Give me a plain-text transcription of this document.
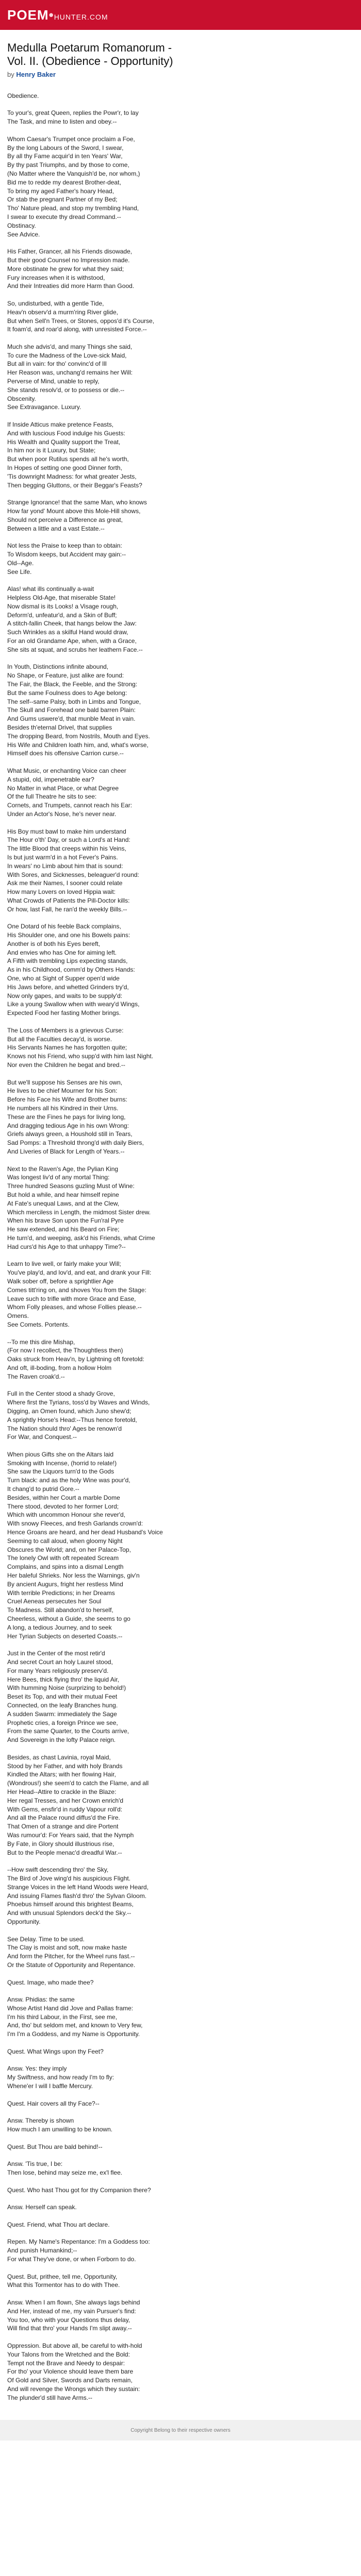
POEM•HUNTER.COM
Medulla Poetarum Romanorum - Vol. II. (Obedience - Opportunity)
by Henry Baker
Obedience.
To your's, great Queen, replies the Powr'r, to lay
The Task, and mine to listen and obey.--
Whom Caesar's Trumpet once proclaim a Foe,
By the long Labours of the Sword, I swear,
By all thy Fame acquir'd in ten Years' War,
By thy past Triumphs, and by those to come,
(No Matter where the Vanquish'd be, nor whom,)
Bid me to redde my dearest Brother-deat,
To bring my aged Father's hoary Head,
Or stab the pregnant Partner of my Bed;
Tho' Nature plead, and stop my trembling Hand,
I swear to execute thy dread Command.--
Obstinacy.
See Advice.
His Father, Grancer, all his Friends disowade,
But their good Counsel no Impression made.
More obstinate he grew for what they said;
Fury increases when it is withstood,
And their Intreaties did more Harm than Good.
So, undisturbed, with a gentle Tide,
Heav'n observ'd a murm'ring River glide,
But when Sell'n Trees, or Stones, oppos'd it's Course,
It foam'd, and roar'd along, with unresisted Force.--
Much she advis'd, and many Things she said,
To cure the Madness of the Love-sick Maid,
But all in vain: for tho' convinc'd of Ill
Her Reason was, unchang'd remains her Will:
Perverse of Mind, unable to reply,
She stands resolv'd, or to possess or die.--
Obscenity.
See Extravagance. Luxury.
If Inside Atticus make pretence Feasts,
And with luscious Food indulge his Guests:
His Wealth and Quality support the Treat,
In him nor is it Luxury, but State;
But when poor Rutilus spends all he's worth,
In Hopes of setting one good Dinner forth,
'Tis downright Madness: for what greater Jests,
Then begging Gluttons, or their Beggar's Feasts?
Strange Ignorance! that the same Man, who knows
How far yond' Mount above this Mole-Hill shows,
Should not perceive a Difference as great,
Between a little and a vast Estate.--
Not less the Praise to keep than to obtain:
To Wisdom keeps, but Accident may gain:--
Old--Age.
See Life.
Alas! what ills continually a-wait
Helpless Old-Age, that miserable State!
Now dismal is its Looks! a Visage rough,
Deform'd, unfeatur'd, and a Skin of Buff;
A stitch-fallin Cheek, that hangs below the Jaw:
Such Wrinkles as a skilful Hand would draw,
For an old Grandame Ape, when, with a Grace,
She sits at squat, and scrubs her leathern Face.--
In Youth, Distinctions infinite abound,
No Shape, or Feature, just alike are found:
The Fair, the Black, the Feeble, and the Strong:
But the same Foulness does to Age belong:
The self--same Palsy, both in Limbs and Tongue,
The Skull and Forehead one bald barren Plain:
And Gums uswere'd, that munble Meat in vain.
Besides th'eternal Drivel, that supplies
The dropping Beard, from Nostrils, Mouth and Eyes.
His Wife and Children loath him, and, what's worse,
Himself does his offensive Carrion curse.--
What Music, or enchanting Voice can cheer
A stupid, old, impenetrable ear?
No Matter in what Place, or what Degree
Of the full Theatre he sits to see:
Cornets, and Trumpets, cannot reach his Ear:
Under an Actor's Nose, he's never near.
His Boy must bawl to make him understand
The Hour o'th' Day, or such a Lord's at Hand:
The little Blood that creeps within his Veins,
Is but just warm'd in a hot Fever's Pains.
In wears' no Limb about him that is sound:
With Sores, and Sicknesses, beleaguer'd round:
Ask me their Names, I sooner could relate
How many Lovers on loved Hippia wait:
What Crowds of Patients the Pill-Doctor kills:
Or how, last Fall, he ran'd the weekly Bills.--
One Dotard of his feeble Back complains,
His Shoulder one, and one his Bowels pains:
Another is of both his Eyes bereft,
And envies who has One for aiming left.
A Fifth with trembling Lips expecting stands,
As in his Childhood, comm'd by Others Hands:
One, who at Sight of Supper open'd wide
His Jaws before, and whetted Grinders try'd,
Now only gapes, and waits to be supply'd:
Like a young Swallow when with weary'd Wings,
Expected Food her fasting Mother brings.
The Loss of Members is a grievous Curse:
But all the Faculties decay'd, is worse.
His Servants Names he has forgotten quite;
Knows not his Friend, who supp'd with him last Night.
Nor even the Children he begat and bred.--
But we'll suppose his Senses are his own,
He lives to be chief Mourner for his Son:
Before his Face his Wife and Brother burns:
He numbers all his Kindred in their Urns.
These are the Fines he pays for living long,
And dragging tedious Age in his own Wrong:
Griefs always green, a Houshold still in Tears,
Sad Pomps: a Threshold throng'd with daily Biers,
And Liveries of Black for Length of Years.--
Next to the Raven's Age, the Pylian King
Was longest liv'd of any mortal Thing:
Three hundred Seasons guzling Must of Wine:
But hold a while, and hear himself repine
At Fate's unequal Laws, and at the Clew,
Which merciless in Length, the midmost Sister drew.
When his brave Son upon the Fun'ral Pyre
He saw extended, and his Beard on Fire;
He turn'd, and weeping, ask'd his Friends, what Crime
Had curs'd his Age to that unhappy Time?--
Learn to live well, or fairly make your Will;
You've play'd, and lov'd, and eat, and drank your Fill:
Walk sober off, before a sprightlier Age
Comes titt'ring on, and shoves You from the Stage:
Leave such to trifle with more Grace and Ease,
Whom Folly pleases, and whose Follies please.--
Omens.
See Comets. Portents.
--To me this dire Mishap,
(For now I recollect, the Thoughtless then)
Oaks struck from Heav'n, by Lightning oft foretold:
And oft, ill-boding, from a hollow Holm
The Raven croak'd.--
Full in the Center stood a shady Grove,
Where first the Tyrians, toss'd by Waves and Winds,
Digging, an Omen found, which Juno shew'd;
A sprightly Horse's Head:--Thus hence foretold,
The Nation should thro' Ages be renown'd
For War, and Conquest.--
When pious Gifts she on the Altars laid
Smoking with Incense, (horrid to relate!)
She saw the Liquors turn'd to the Gods
Turn black: and as the holy Wine was pour'd,
It chang'd to putrid Gore.--
Besides, within her Court a marble Dome
There stood, devoted to her former Lord;
Which with uncommon Honour she rever'd,
With snowy Fleeces, and fresh Garlands crown'd:
Hence Groans are heard, and her dead Husband's Voice
Seeming to call aloud, when gloomy Night
Obscures the World; and, on her Palace-Top,
The lonely Owl with oft repeated Scream
Complains, and spins into a dismal Length
Her baleful Shrieks. Nor less the Warnings, giv'n
By ancient Augurs, fright her restless Mind
With terrible Predictions; in her Dreams
Cruel Aeneas persecutes her Soul
To Madness. Still abandon'd to herself,
Cheerless, without a Guide, she seems to go
A long, a tedious Journey, and to seek
Her Tyrian Subjects on deserted Coasts.--
Just in the Center of the most retir'd
And secret Court an holy Laurel stood,
For many Years religiously preserv'd.
Here Bees, thick flying thro' the liquid Air,
With humming Noise (surprizing to behold!)
Beset its Top, and with their mutual Feet
Connected, on the leafy Branches hung.
A sudden Swarm: immediately the Sage
Prophetic cries, a foreign Prince we see,
From the same Quarter, to the Courts arrive,
And Sovereign in the lofty Palace reign.
Besides, as chast Lavinia, royal Maid,
Stood by her Father, and with holy Brands
Kindled the Altars; with her flowing Hair,
(Wondrous!) she seem'd to catch the Flame, and all
Her Head--Attire to crackle in the Blaze:
Her regal Tresses, and her Crown enrich'd
With Gems, ensfir'd in ruddy Vapour roll'd:
And all the Palace round diffus'd the Fire.
That Omen of a strange and dire Portent
Was rumour'd: For Years said, that the Nymph
By Fate, in Glory should illustrious rise,
But to the People menac'd dreadful War.--
--How swift descending thro' the Sky,
The Bird of Jove wing'd his auspicious Flight.
Strange Voices in the left Hand Woods were Heard,
And issuing Flames flash'd thro' the Sylvan Gloom.
Phoebus himself around this brightest Beams,
And with unusual Splendors deck'd the Sky.--
Opportunity.
See Delay. Time to be used.
The Clay is moist and soft, now make haste
And form the Pitcher, for the Wheel runs fast.--
Or the Statute of Opportunity and Repentance.
Quest. Image, who made thee?
Answ. Phidias: the same
Whose Artist Hand did Jove and Pallas frame:
I'm his third Labour, in the First, see me,
And, tho' but seldom met, and known to Very few,
I'm I'm a Goddess, and my Name is Opportunity.
Quest. What Wings upon thy Feet?
Answ. Yes: they imply
My Swiftness, and how ready I'm to fly:
Whene'er I will I baffle Mercury.
Quest. Hair covers all thy Face?--
Answ. Thereby is shown
How much I am unwilling to be known.
Quest. But Thou are bald behind!--
Answ. 'Tis true, I be:
Then lose, behind may seize me, ex'l flee.
Quest. Who hast Thou got for thy Companion there?
Answ. Herself can speak.
Quest. Friend, what Thou art declare.
Repen. My Name's Repentance: I'm a Goddess too:
And punish Humankind;--
For what They've done, or when Forborn to do.
Quest. But, prithee, tell me, Opportunity,
What this Tormentor has to do with Thee.
Answ. When I am flown, She always lags behind
And Her, instead of me, my vain Pursuer's find:
You too, who with your Questions thus delay,
Will find that thro' your Hands I'm slipt away.--
Oppression. But above all, be careful to with-hold
Your Talons from the Wretched and the Bold:
Tempt not the Brave and Needy to despair:
For tho' your Violence should leave them bare
Of Gold and Silver, Swords and Darts remain,
And will revenge the Wrongs which they sustain:
The plunder'd still have Arms.--
Copyright Belong to their respective owners
